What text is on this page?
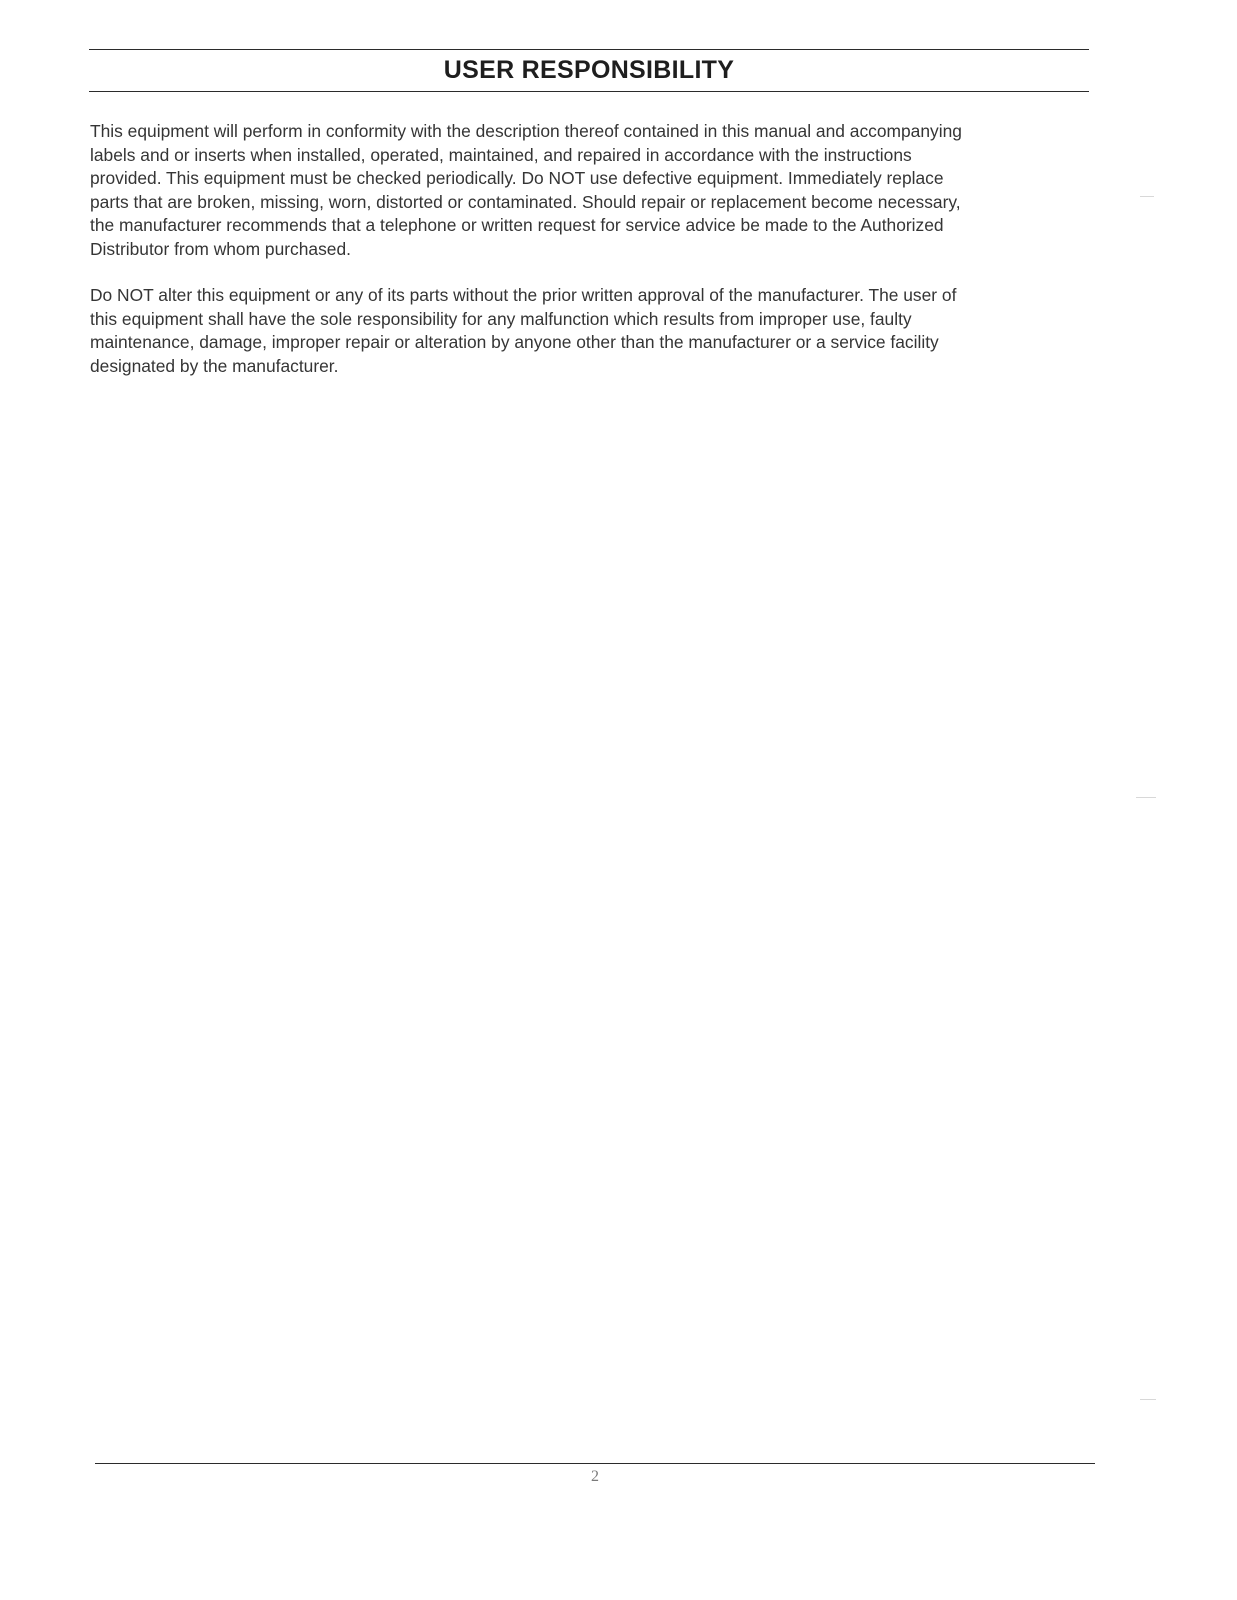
USER RESPONSIBILITY
This equipment will perform in conformity with the description thereof contained in this manual and accompanying
labels and or inserts when installed, operated, maintained, and repaired in accordance with the instructions
provided. This equipment must be checked periodically. Do NOT use defective equipment. Immediately replace
parts that are broken, missing, worn, distorted or contaminated. Should repair or replacement become necessary,
the manufacturer recommends that a telephone or written request for service advice be made to the Authorized
Distributor from whom purchased.
Do NOT alter this equipment or any of its parts without the prior written approval of the manufacturer. The user of
this equipment shall have the sole responsibility for any malfunction which results from improper use, faulty
maintenance, damage, improper repair or alteration by anyone other than the manufacturer or a service facility
designated by the manufacturer.
2
